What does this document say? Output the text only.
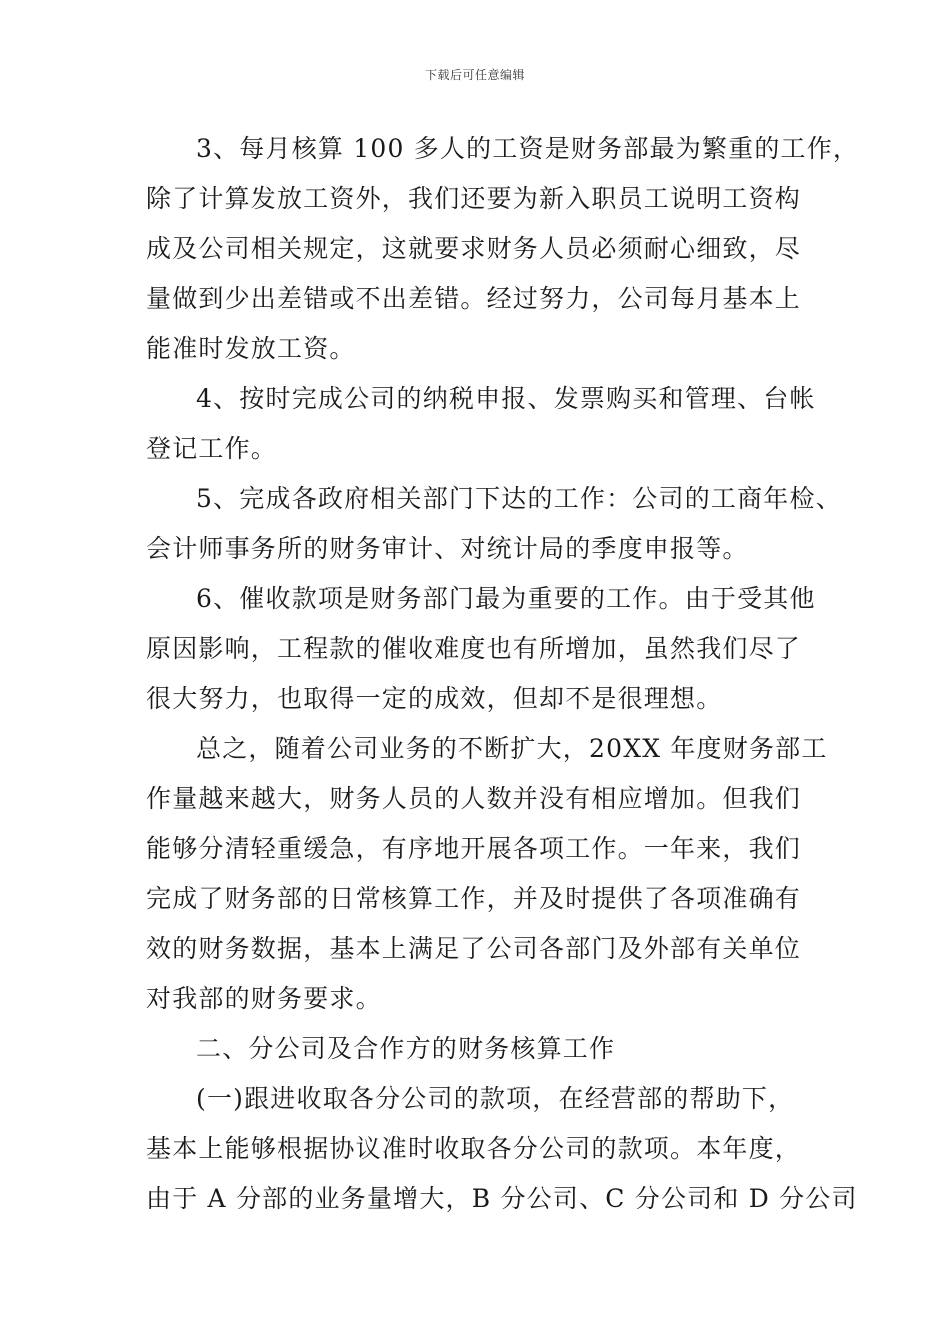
下载后可任意编辑
3、每月核算 100 多人的工资是财务部最为繁重的工作，
除了计算发放工资外，我们还要为新入职员工说明工资构
成及公司相关规定，这就要求财务人员必须耐心细致，尽
量做到少出差错或不出差错。经过努力，公司每月基本上
能准时发放工资。
4、按时完成公司的纳税申报、发票购买和管理、台帐
登记工作。
5、完成各政府相关部门下达的工作：公司的工商年检、
会计师事务所的财务审计、对统计局的季度申报等。
6、催收款项是财务部门最为重要的工作。由于受其他
原因影响，工程款的催收难度也有所增加，虽然我们尽了
很大努力，也取得一定的成效，但却不是很理想。
总之，随着公司业务的不断扩大，20XX 年度财务部工
作量越来越大，财务人员的人数并没有相应增加。但我们
能够分清轻重缓急，有序地开展各项工作。一年来，我们
完成了财务部的日常核算工作，并及时提供了各项准确有
效的财务数据，基本上满足了公司各部门及外部有关单位
对我部的财务要求。
二、分公司及合作方的财务核算工作
(一)跟进收取各分公司的款项，在经营部的帮助下，
基本上能够根据协议准时收取各分公司的款项。本年度，
由于 A 分部的业务量增大，B 分公司、C 分公司和 D 分公司
